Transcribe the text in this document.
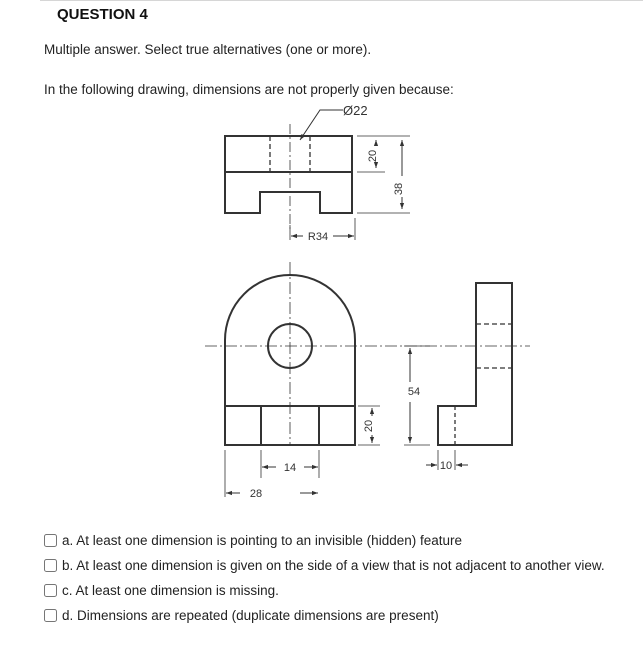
QUESTION 4
Multiple answer. Select true alternatives (one or more).
In the following drawing, dimensions are not properly given because:
Ø22
20
38
R34
20
14
28
54
10
a. At least one dimension is pointing to an invisible (hidden) feature
b. At least one dimension is given on the side of a view that is not adjacent to another view.
c. At least one dimension is missing.
d. Dimensions are repeated (duplicate dimensions are present)
